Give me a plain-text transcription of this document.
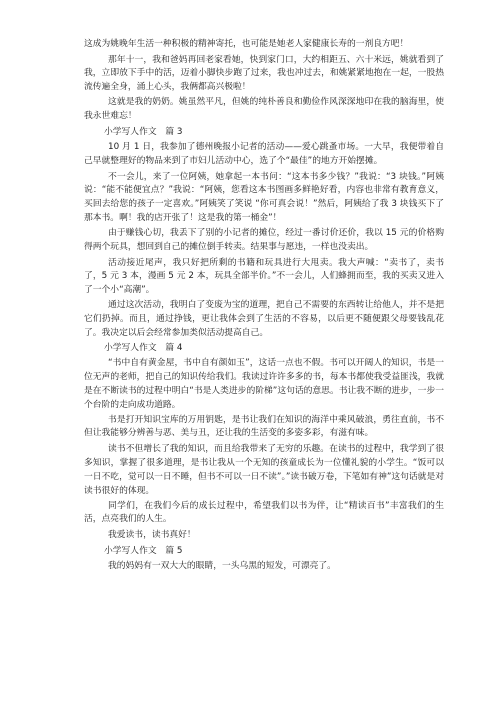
这成为姚晚年生活一种积极的精神寄托，也可能是她老人家健康长寿的一剂良方吧！

那年十一，我和爸妈再回老家看她，快到家门口，大约相距五、六十米远，姚就看到了我，立即放下手中的活，迈着小脚快步跑了过来，我也冲过去，和姚紧紧地抱在一起，一股热流传遍全身，涌上心头，我俩都高兴极啦！

这就是我的奶奶。姚虽然平凡，但姚的纯朴善良和勤俭作风深深地印在我的脑海里，使我永世难忘！

小学写人作文　篇 3

10 月 1 日，我参加了德州晚报小记者的活动——爱心跳蚤市场。一大早，我便带着自己早就整理好的物品来到了市妇儿活动中心，选了个“最佳”的地方开始摆摊。

不一会儿，来了一位阿姨，她拿起一本书问：“这本书多少钱？”我说：“3 块钱。”阿姨说：“能不能便宜点？”我说：“阿姨，您看这本书图画多鲜艳好看，内容也非常有教育意义，买回去给您的孩子一定喜欢。”阿姨笑了笑说 “你可真会说！”然后，阿姨给了我 3 块钱买下了那本书。啊！我的店开张了！这是我的第一桶金”！

由于赚钱心切，我丢下了别的小记者的摊位，经过一番讨价还价，我以 15 元的价格购得两个玩具，想回到自己的摊位倒手转卖。结果事与愿违，一样也没卖出。

活动接近尾声，我只好把所剩的书籍和玩具进行大甩卖。我大声喊：“卖书了，卖书了，5 元 3 本，漫画 5 元 2 本，玩具全部半价。”不一会儿，人们蜂拥而至，我的买卖又进入了一个小“高潮”。

通过这次活动，我明白了变废为宝的道理，把自己不需要的东西转让给他人，并不是把它们扔掉。而且，通过挣钱，更让我体会到了生活的不容易，以后更不随便跟父母要钱乱花了。我决定以后会经常参加类似活动提高自己。

小学写人作文　篇 4

“书中自有黄金屋，书中自有颜如玉”，这话一点也不假。书可以开阔人的知识，书是一位无声的老师，把自己的知识传给我们。我读过许许多多的书，每本书都使我受益匪浅，我就是在不断读书的过程中明白“书是人类进步的阶梯”这句话的意思。书让我不断的进步，一步一个台阶的走向成功道路。

书是打开知识宝库的万用钥匙，是书让我们在知识的海洋中乘风破浪，勇往直前，书不但让我能够分辨善与恶、美与丑，还让我的生活变的多姿多彩，有滋有味。

读书不但增长了我的知识，而且给我带来了无穷的乐趣。在读书的过程中，我学到了很多知识，掌握了很多道理，是书让我从一个无知的孩童成长为一位懂礼貌的小学生。“饭可以一日不吃，觉可以一日不睡，但书不可以一日不读”。”读书破万卷，下笔如有神”这句话就是对读书很好的体现。

同学们，在我们今后的成长过程中，希望我们以书为伴，让“精读百书”丰富我们的生活，点亮我们的人生。

我爱读书，读书真好！

小学写人作文　篇 5

我的妈妈有一双大大的眼睛，一头乌黑的短发，可漂亮了。
